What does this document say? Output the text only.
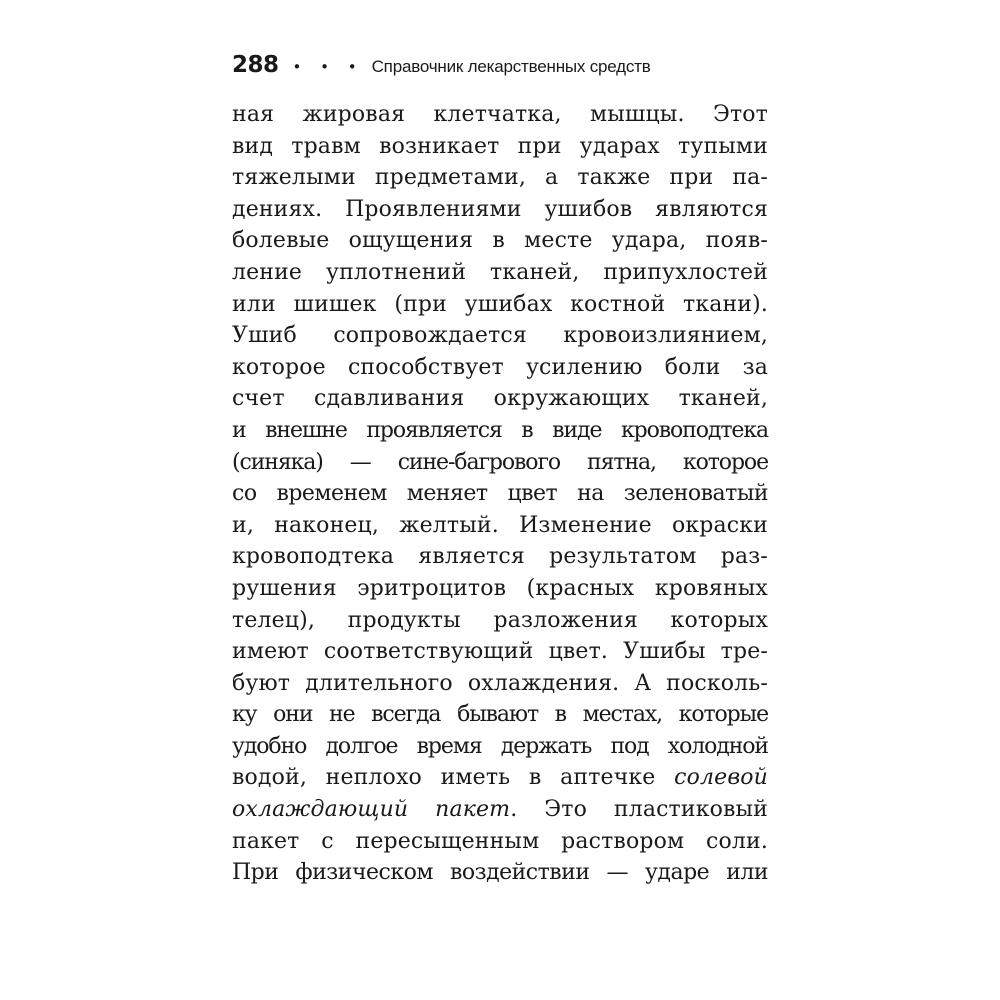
288 • • • Справочник лекарственных средств
ная жировая клетчатка, мышцы. Этот
вид травм возникает при ударах тупыми
тяжелыми предметами, а также при па-
дениях. Проявлениями ушибов являются
болевые ощущения в месте удара, появ-
ление уплотнений тканей, припухлостей
или шишек (при ушибах костной ткани).
Ушиб сопровождается кровоизлиянием,
которое способствует усилению боли за
счет сдавливания окружающих тканей,
и внешне проявляется в виде кровоподтека
(синяка) — сине-багрового пятна, которое
со временем меняет цвет на зеленоватый
и, наконец, желтый. Изменение окраски
кровоподтека является результатом раз-
рушения эритроцитов (красных кровяных
телец), продукты разложения которых
имеют соответствующий цвет. Ушибы тре-
буют длительного охлаждения. А посколь-
ку они не всегда бывают в местах, которые
удобно долгое время держать под холодной
водой, неплохо иметь в аптечке солевой
охлаждающий пакет. Это пластиковый
пакет с пересыщенным раствором соли.
При физическом воздействии — ударе или
